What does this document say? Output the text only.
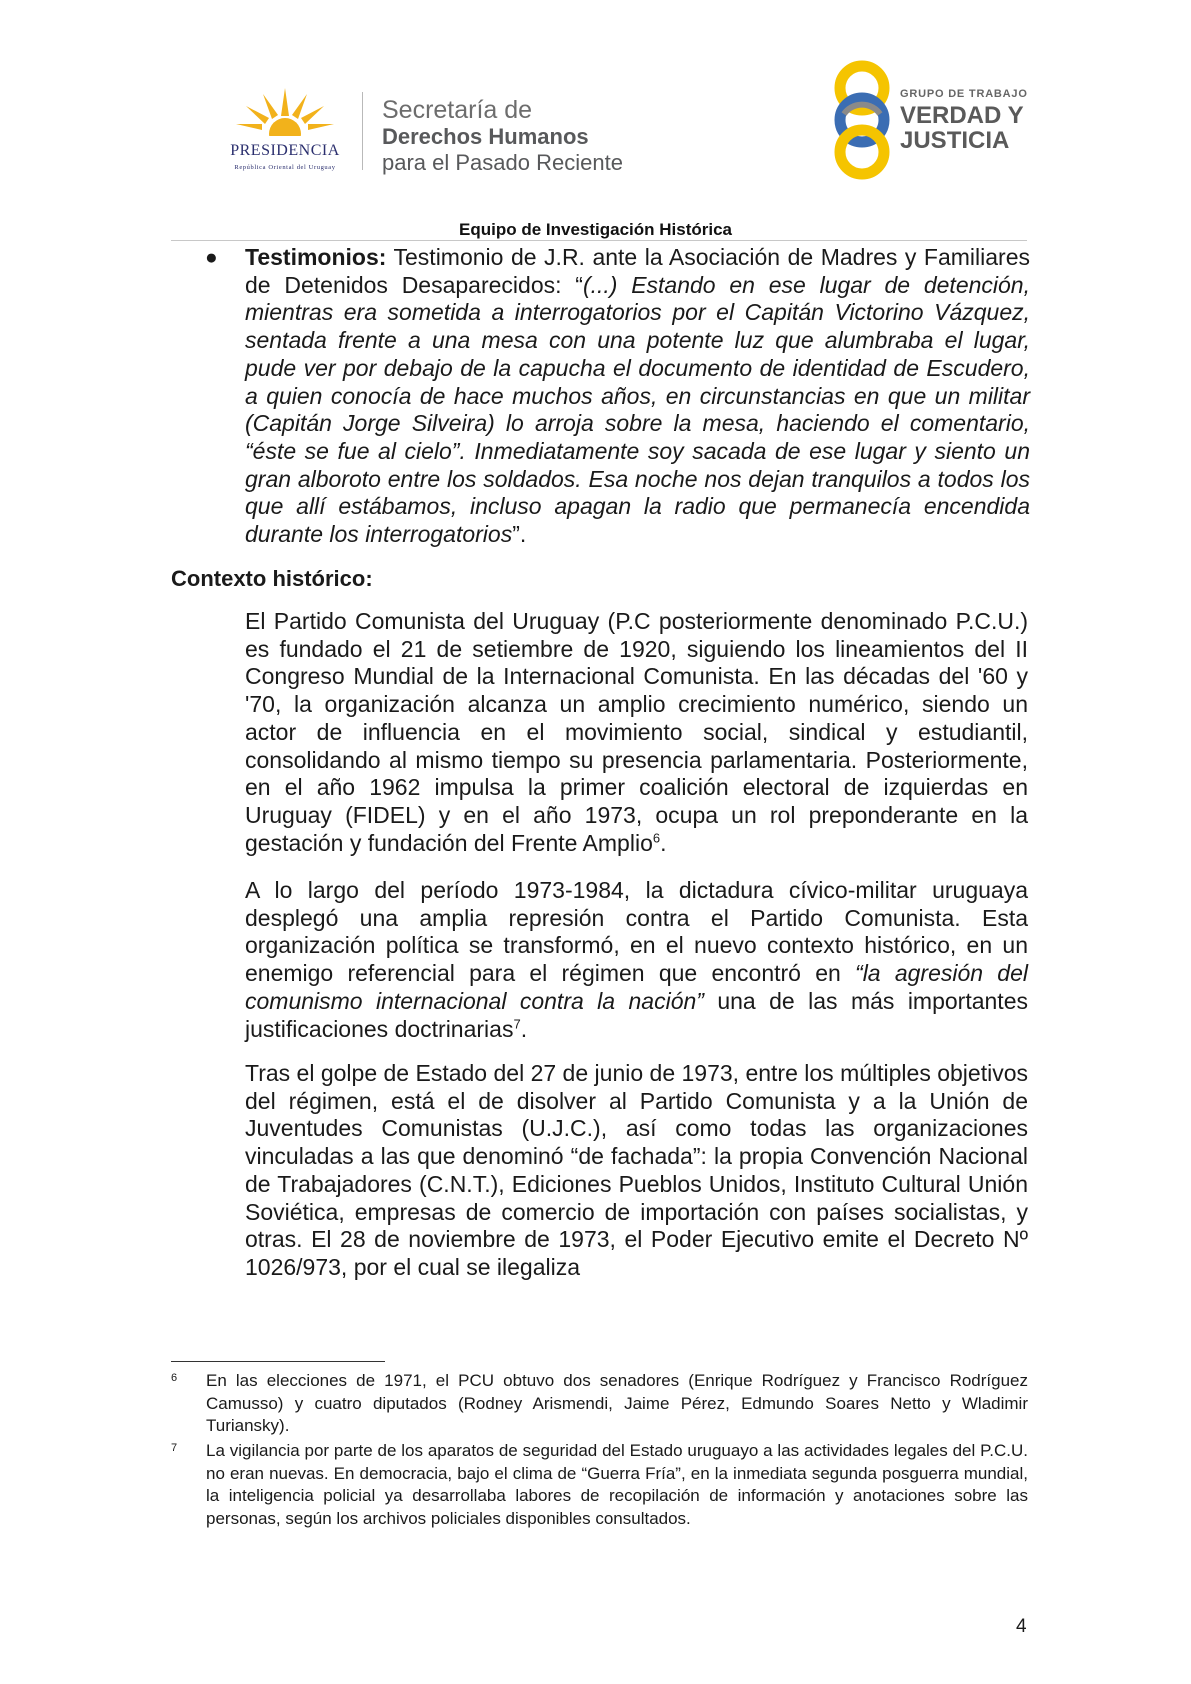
PRESIDENCIA
República Oriental del Uruguay
Secretaría de
Derechos Humanos
para el Pasado Reciente
GRUPO DE TRABAJO
VERDAD Y
JUSTICIA
Equipo de Investigación Histórica
● Testimonios: Testimonio de J.R. ante la Asociación de Madres y Familiares de Detenidos Desaparecidos: “(...) Estando en ese lugar de detención, mientras era sometida a interrogatorios por el Capitán Victorino Vázquez, sentada frente a una mesa con una potente luz que alumbraba el lugar, pude ver por debajo de la capucha el documento de identidad de Escudero, a quien conocía de hace muchos años, en circunstancias en que un militar (Capitán Jorge Silveira) lo arroja sobre la mesa, haciendo el comentario, “éste se fue al cielo”. Inmediatamente soy sacada de ese lugar y siento un gran alboroto entre los soldados. Esa noche nos dejan tranquilos a todos los que allí estábamos, incluso apagan la radio que permanecía encendida durante los interrogatorios”.
Contexto histórico:
El Partido Comunista del Uruguay (P.C posteriormente denominado P.C.U.) es fundado el 21 de setiembre de 1920, siguiendo los lineamientos del II Congreso Mundial de la Internacional Comunista. En las décadas del '60 y '70, la organización alcanza un amplio crecimiento numérico, siendo un actor de influencia en el movimiento social, sindical y estudiantil, consolidando al mismo tiempo su presencia parlamentaria. Posteriormente, en el año 1962 impulsa la primer coalición electoral de izquierdas en Uruguay (FIDEL) y en el año 1973, ocupa un rol preponderante en la gestación y fundación del Frente Amplio$^6$.
A lo largo del período 1973-1984, la dictadura cívico-militar uruguaya desplegó una amplia represión contra el Partido Comunista. Esta organización política se transformó, en el nuevo contexto histórico, en un enemigo referencial para el régimen que encontró en “la agresión del comunismo internacional contra la nación” una de las más importantes justificaciones doctrinarias$^7$.
Tras el golpe de Estado del 27 de junio de 1973, entre los múltiples objetivos del régimen, está el de disolver al Partido Comunista y a la Unión de Juventudes Comunistas (U.J.C.), así como todas las organizaciones vinculadas a las que denominó “de fachada”: la propia Convención Nacional de Trabajadores (C.N.T.), Ediciones Pueblos Unidos, Instituto Cultural Unión Soviética, empresas de comercio de importación con países socialistas, y otras. El 28 de noviembre de 1973, el Poder Ejecutivo emite el Decreto Nº 1026/973, por el cual se ilegaliza
6 En las elecciones de 1971, el PCU obtuvo dos senadores (Enrique Rodríguez y Francisco Rodríguez Camusso) y cuatro diputados (Rodney Arismendi, Jaime Pérez, Edmundo Soares Netto y Wladimir Turiansky).
7 La vigilancia por parte de los aparatos de seguridad del Estado uruguayo a las actividades legales del P.C.U. no eran nuevas. En democracia, bajo el clima de “Guerra Fría”, en la inmediata segunda posguerra mundial, la inteligencia policial ya desarrollaba labores de recopilación de información y anotaciones sobre las personas, según los archivos policiales disponibles consultados.
4
